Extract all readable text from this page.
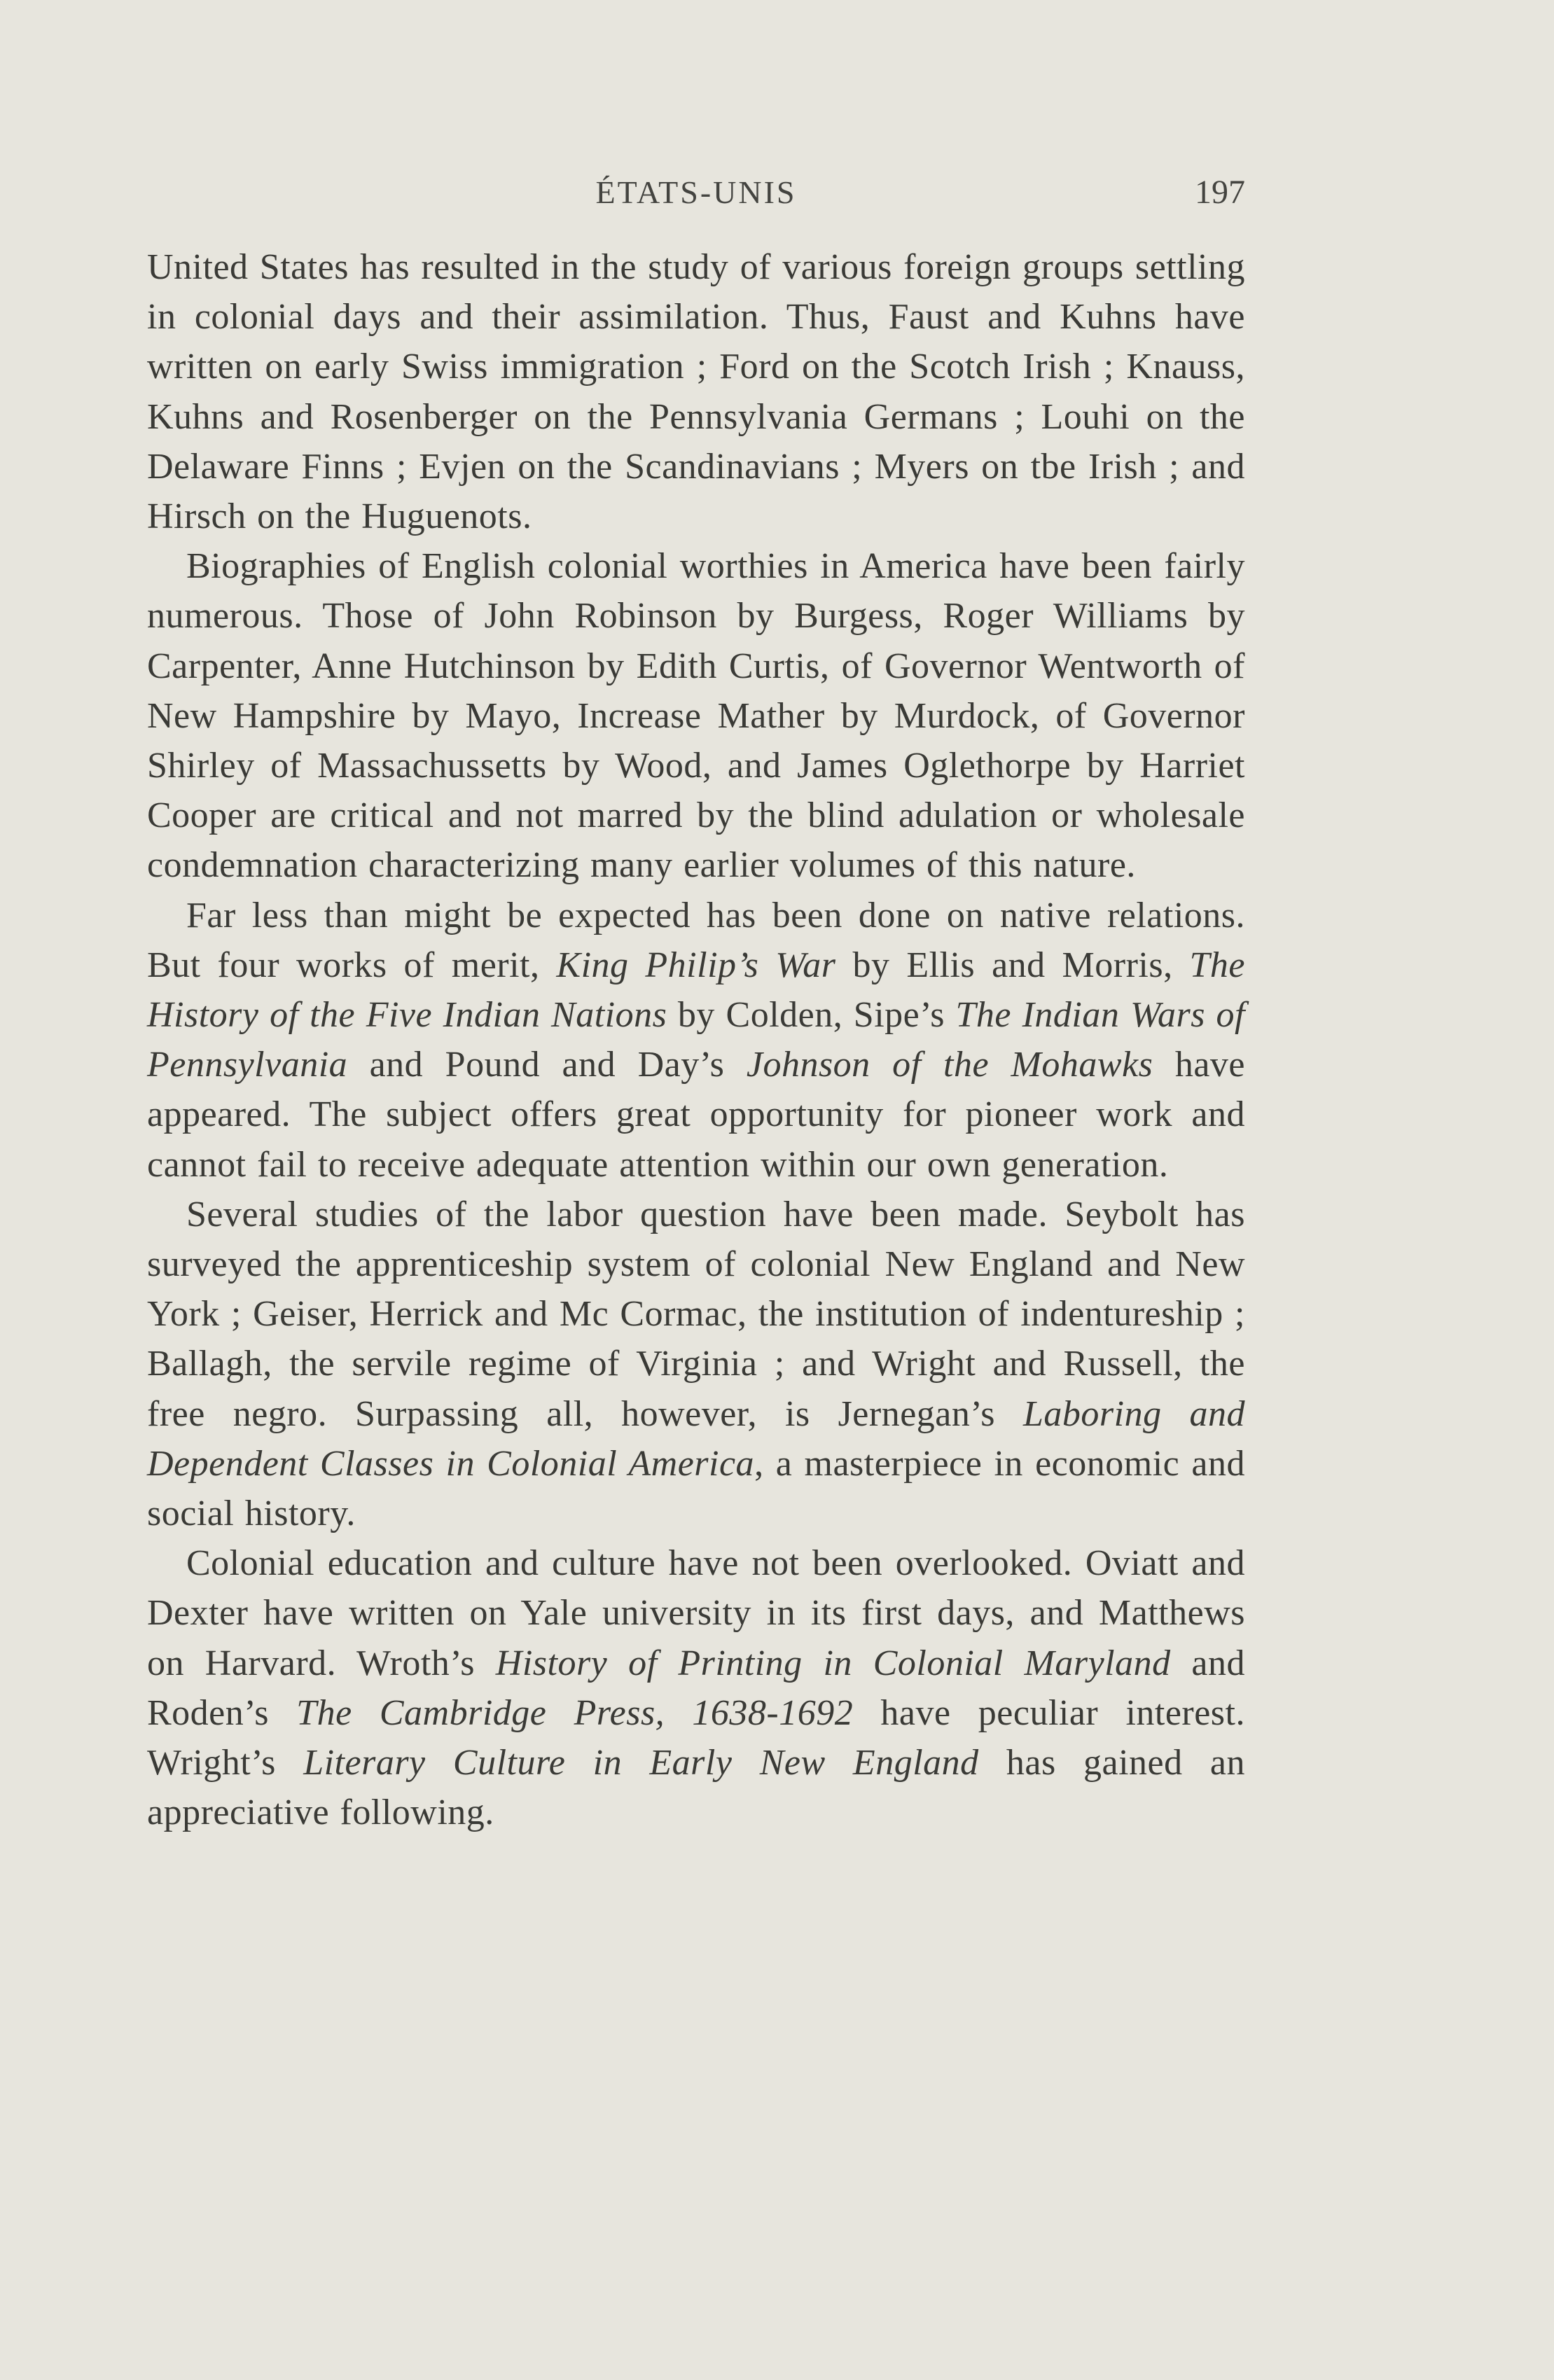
ÉTATS-UNIS	197

United States has resulted in the study of various foreign groups settling in colonial days and their assimilation. Thus, Faust and Kuhns have written on early Swiss immigration ; Ford on the Scotch Irish ; Knauss, Kuhns and Rosenberger on the Pennsylvania Germans ; Louhi on the Delaware Finns ; Evjen on the Scandinavians ; Myers on tbe Irish ; and Hirsch on the Huguenots.

Biographies of English colonial worthies in America have been fairly numerous. Those of John Robinson by Burgess, Roger Williams by Carpenter, Anne Hutchinson by Edith Curtis, of Governor Wentworth of New Hampshire by Mayo, Increase Mather by Murdock, of Governor Shirley of Massachussetts by Wood, and James Oglethorpe by Harriet Cooper are critical and not marred by the blind adulation or wholesale condemnation characterizing many earlier volumes of this nature.

Far less than might be expected has been done on native relations. But four works of merit, King Philip’s War by Ellis and Morris, The History of the Five Indian Nations by Colden, Sipe’s The Indian Wars of Pennsylvania and Pound and Day’s Johnson of the Mohawks have appeared. The subject offers great opportunity for pioneer work and cannot fail to receive adequate attention within our own generation.

Several studies of the labor question have been made. Seybolt has surveyed the apprenticeship system of colonial New England and New York ; Geiser, Herrick and Mc Cormac, the institution of indentureship ; Ballagh, the servile regime of Virginia ; and Wright and Russell, the free negro. Surpassing all, however, is Jernegan’s Laboring and Dependent Classes in Colonial America, a masterpiece in economic and social history.

Colonial education and culture have not been overlooked. Oviatt and Dexter have written on Yale university in its first days, and Matthews on Harvard. Wroth’s History of Printing in Colonial Maryland and Roden’s The Cambridge Press, 1638-1692 have peculiar interest. Wright’s Literary Culture in Early New England has gained an appreciative following.
